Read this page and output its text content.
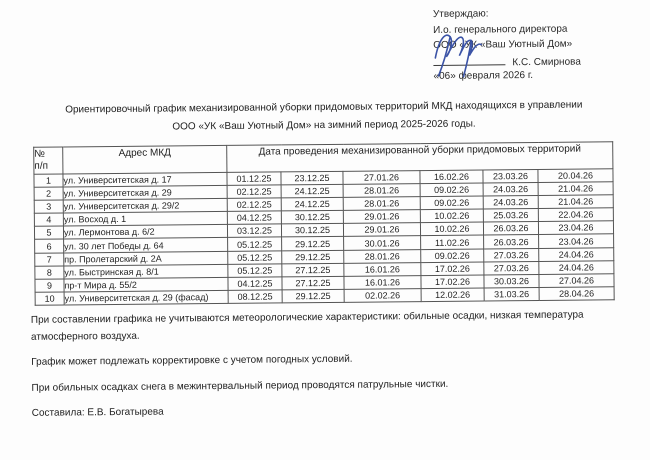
Утверждаю:
И.о. генерального директора
ООО «УК «Ваш Уютный Дом»
К.С. Смирнова
«06» февраля 2026 г.
Ориентировочный график механизированной уборки придомовых территорий МКД находящихся в управлении
ООО «УК «Ваш Уютный Дом» на зимний период 2025-2026 годы.
№
п/п	Адрес МКД	Дата проведения механизированной уборки придомовых территорий					
1	ул. Университетская д. 17	01.12.25	23.12.25	27.01.26	16.02.26	23.03.26	20.04.26
2	ул. Университетская д. 29	02.12.25	24.12.25	28.01.26	09.02.26	24.03.26	21.04.26
3	ул. Университетская д. 29/2	02.12.25	24.12.25	28.01.26	09.02.26	24.03.26	21.04.26
4	ул. Восход д. 1	04.12.25	30.12.25	29.01.26	10.02.26	25.03.26	22.04.26
5	ул. Лермонтова д. 6/2	03.12.25	30.12.25	29.01.26	10.02.26	26.03.26	23.04.26
6	ул. 30 лет Победы д. 64	05.12.25	29.12.25	30.01.26	11.02.26	26.03.26	23.04.26
7	пр. Пролетарский д. 2А	05.12.25	29.12.25	28.01.26	09.02.26	27.03.26	24.04.26
8	ул. Быстринская д. 8/1	05.12.25	27.12.25	16.01.26	17.02.26	27.03.26	24.04.26
9	пр-т Мира д. 55/2	04.12.25	27.12.25	16.01.26	17.02.26	30.03.26	27.04.26
10	ул. Университетская д. 29 (фасад)	08.12.25	29.12.25	02.02.26	12.02.26	31.03.26	28.04.26

При составлении графика не учитываются метеорологические характеристики: обильные осадки, низкая температура атмосферного воздуха.

График может подлежать корректировке с учетом погодных условий.

При обильных осадках снега в межинтервальный период проводятся патрульные чистки.

Составила: Е.В. Богатырева
